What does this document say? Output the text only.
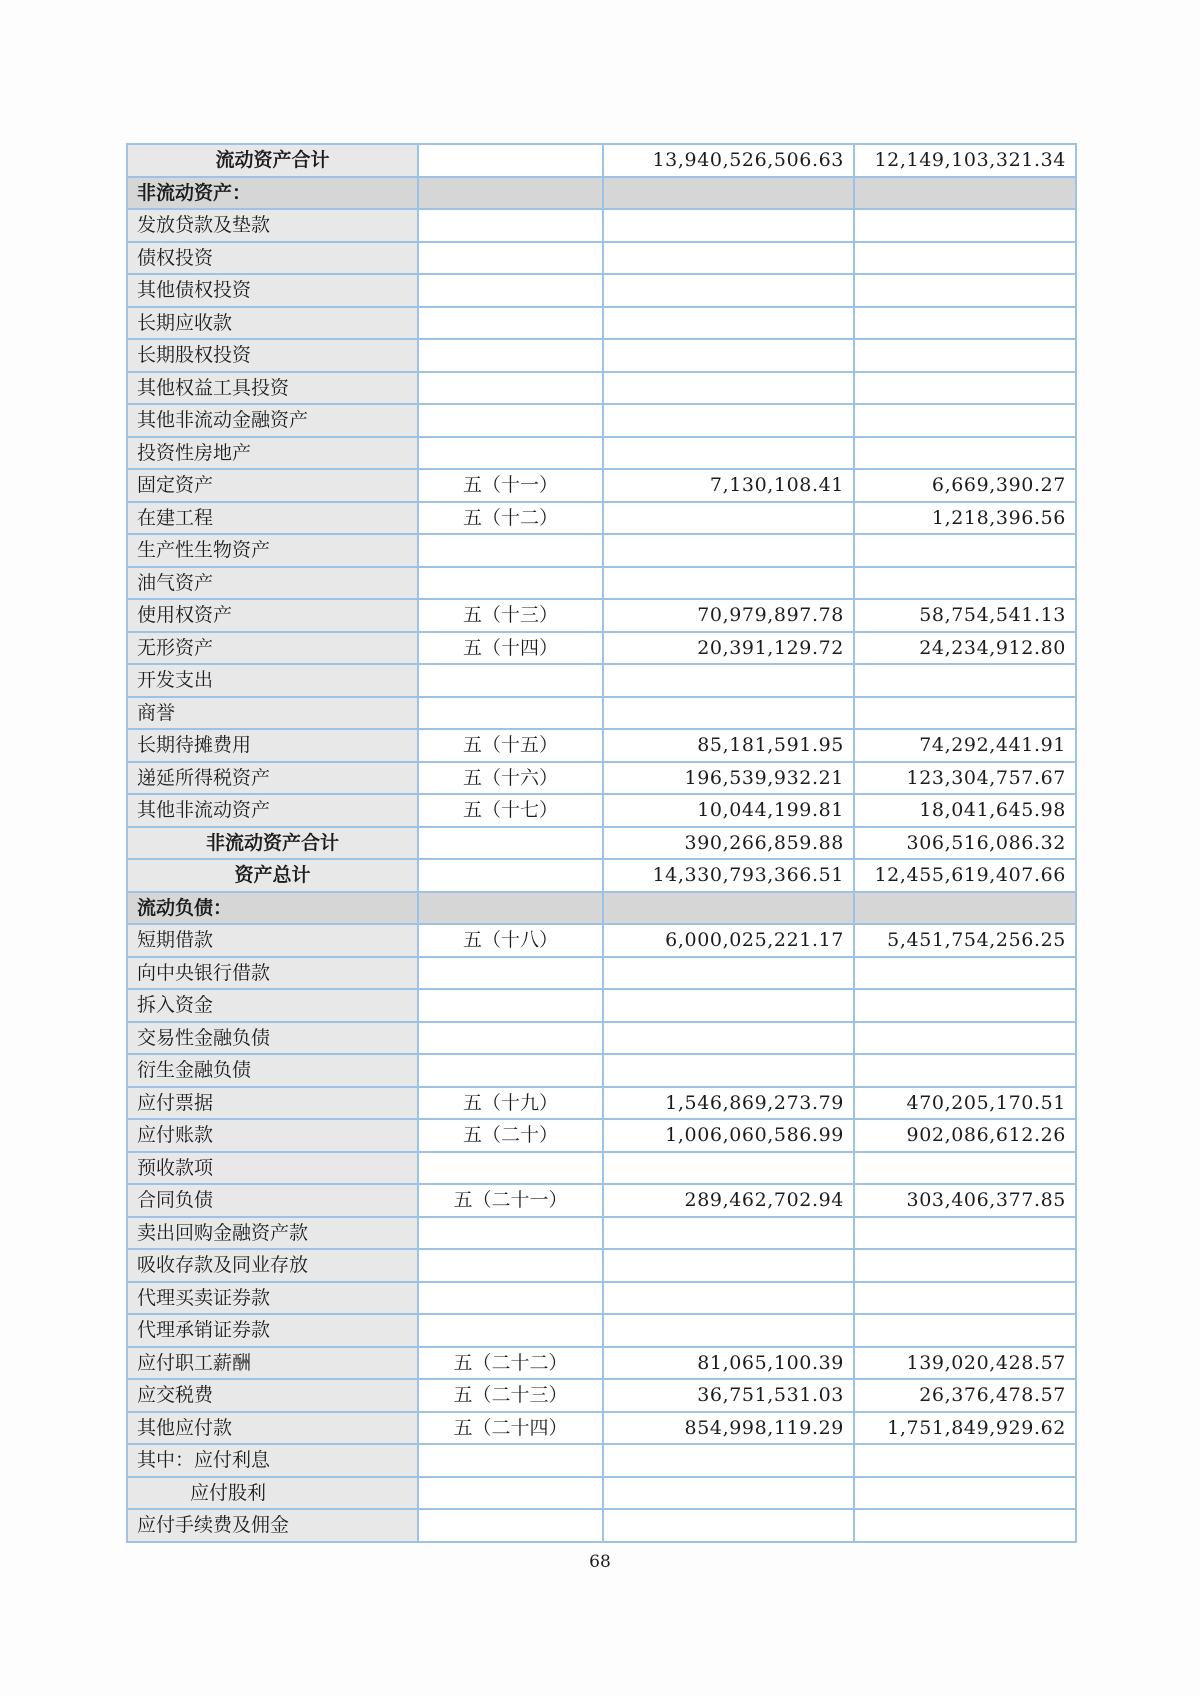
流动资产合计		13,940,526,506.63	12,149,103,321.34
非流动资产：			
发放贷款及垫款			
债权投资			
其他债权投资			
长期应收款			
长期股权投资			
其他权益工具投资			
其他非流动金融资产			
投资性房地产			
固定资产	五（十一）	7,130,108.41	6,669,390.27
在建工程	五（十二）		1,218,396.56
生产性生物资产			
油气资产			
使用权资产	五（十三）	70,979,897.78	58,754,541.13
无形资产	五（十四）	20,391,129.72	24,234,912.80
开发支出			
商誉			
长期待摊费用	五（十五）	85,181,591.95	74,292,441.91
递延所得税资产	五（十六）	196,539,932.21	123,304,757.67
其他非流动资产	五（十七）	10,044,199.81	18,041,645.98
非流动资产合计		390,266,859.88	306,516,086.32
资产总计		14,330,793,366.51	12,455,619,407.66
流动负债：			
短期借款	五（十八）	6,000,025,221.17	5,451,754,256.25
向中央银行借款			
拆入资金			
交易性金融负债			
衍生金融负债			
应付票据	五（十九）	1,546,869,273.79	470,205,170.51
应付账款	五（二十）	1,006,060,586.99	902,086,612.26
预收款项			
合同负债	五（二十一）	289,462,702.94	303,406,377.85
卖出回购金融资产款			
吸收存款及同业存放			
代理买卖证券款			
代理承销证券款			
应付职工薪酬	五（二十二）	81,065,100.39	139,020,428.57
应交税费	五（二十三）	36,751,531.03	26,376,478.57
其他应付款	五（二十四）	854,998,119.29	1,751,849,929.62
其中：应付利息			
应付股利			
应付手续费及佣金			
68
